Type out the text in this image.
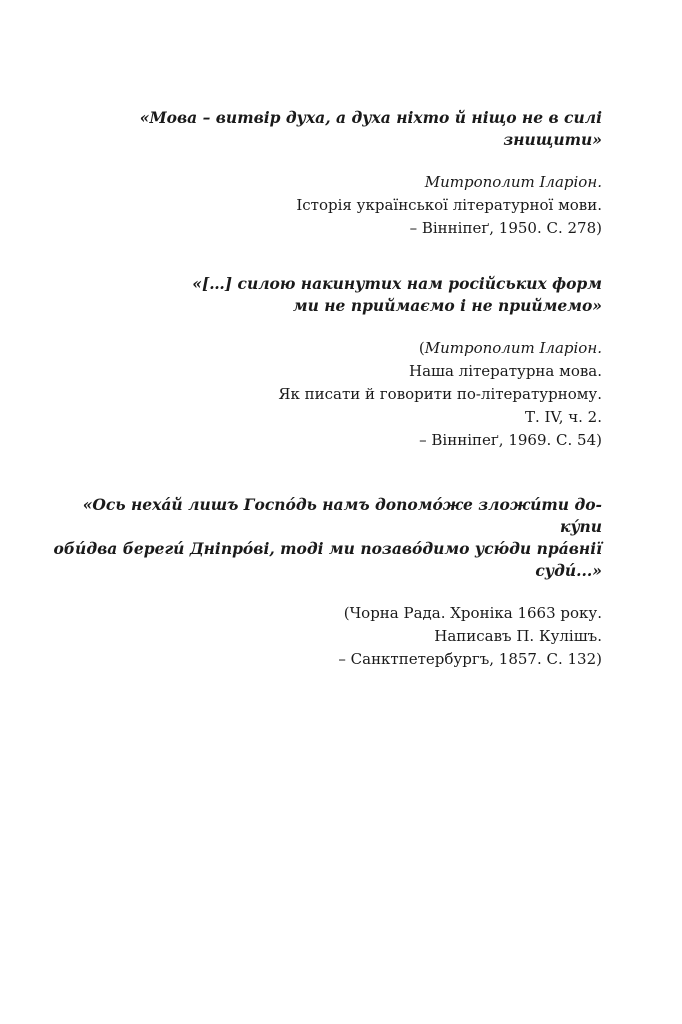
«Мова – витвір духа, а духа ніхто й ніщо не в силі знищити»

Митрополит Іларіон.
Історія української літературної мови.
– Вінніпеґ, 1950. С. 278)

«[…] силою накинутих нам російських форм
ми не приймаємо і не приймемо»

(Митрополит Іларіон.
Наша літературна мова.
Як писати й говорити по-літературному.
Т. IV, ч. 2.
– Вінніпеґ, 1969. С. 54)

«Ось нехáй лишъ Госпóдь намъ допомóже зложúти до-кýпи
обúдва берегú Дніпрóві, тоді ми позавóдимо усю́ди прáвнії судú...»

(Чорна Рада. Хроніка 1663 року.
Написавъ П. Кулішъ.
– Санктпетербургъ, 1857. С. 132)
